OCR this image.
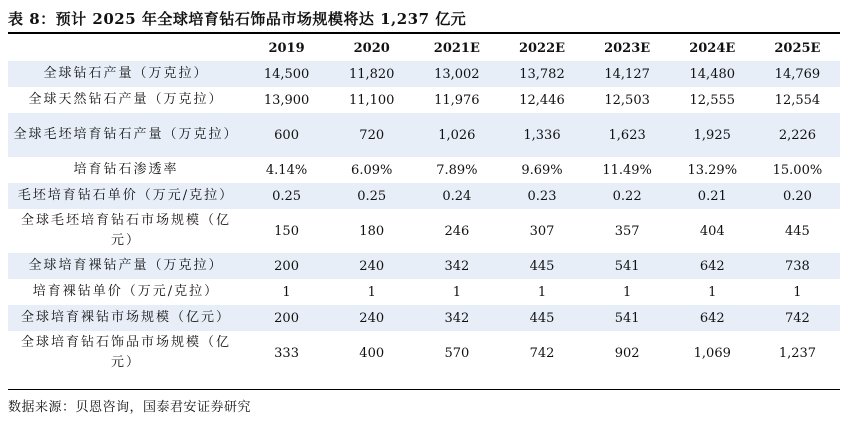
表 8：预计 2025 年全球培育钻石饰品市场规模将达 1,237 亿元
	2019	2020	2021E	2022E	2023E	2024E	2025E
全球钻石产量（万克拉）	14,500	11,820	13,002	13,782	14,127	14,480	14,769
全球天然钻石产量（万克拉）	13,900	11,100	11,976	12,446	12,503	12,555	12,554
全球毛坯培育钻石产量（万克拉）	600	720	1,026	1,336	1,623	1,925	2,226
培育钻石渗透率	4.14%	6.09%	7.89%	9.69%	11.49%	13.29%	15.00%
毛坯培育钻石单价（万元/克拉）	0.25	0.25	0.24	0.23	0.22	0.21	0.20
全球毛坯培育钻石市场规模（亿元）	150	180	246	307	357	404	445
全球培育裸钻产量（万克拉）	200	240	342	445	541	642	738
培育裸钻单价（万元/克拉）	1	1	1	1	1	1	1
全球培育裸钻市场规模（亿元）	200	240	342	445	541	642	742
全球培育钻石饰品市场规模（亿元）	333	400	570	742	902	1,069	1,237
数据来源：贝恩咨询，国泰君安证券研究
